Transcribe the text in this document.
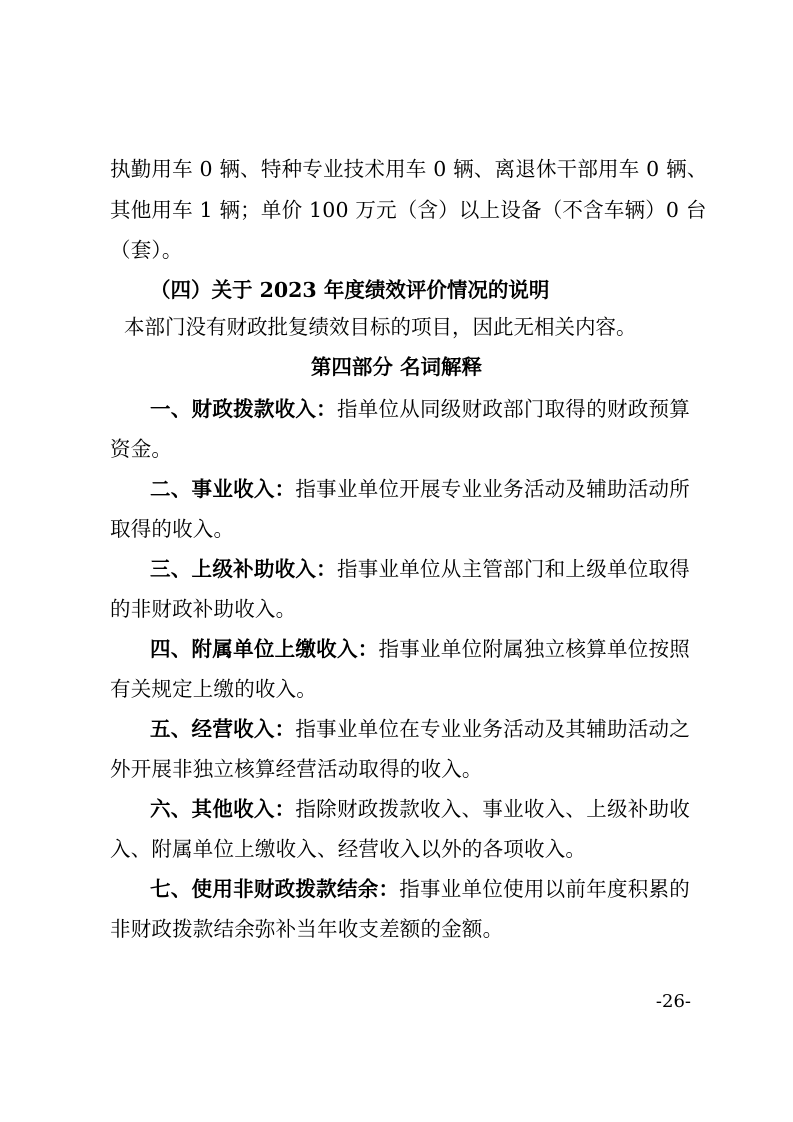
执勤用车 0 辆、特种专业技术用车 0 辆、离退休干部用车 0 辆、

其他用车 1 辆；单价 100 万元（含）以上设备（不含车辆）0 台

（套）。

（四）关于 2023 年度绩效评价情况的说明
本部门没有财政批复绩效目标的项目，因此无相关内容。
第四部分 名词解释

一、财政拨款收入：指单位从同级财政部门取得的财政预算

资金。

二、事业收入：指事业单位开展专业业务活动及辅助活动所

取得的收入。

三、上级补助收入：指事业单位从主管部门和上级单位取得

的非财政补助收入。

四、附属单位上缴收入：指事业单位附属独立核算单位按照

有关规定上缴的收入。

五、经营收入：指事业单位在专业业务活动及其辅助活动之

外开展非独立核算经营活动取得的收入。

六、其他收入：指除财政拨款收入、事业收入、上级补助收

入、附属单位上缴收入、经营收入以外的各项收入。

七、使用非财政拨款结余：指事业单位使用以前年度积累的

非财政拨款结余弥补当年收支差额的金额。

-26-
